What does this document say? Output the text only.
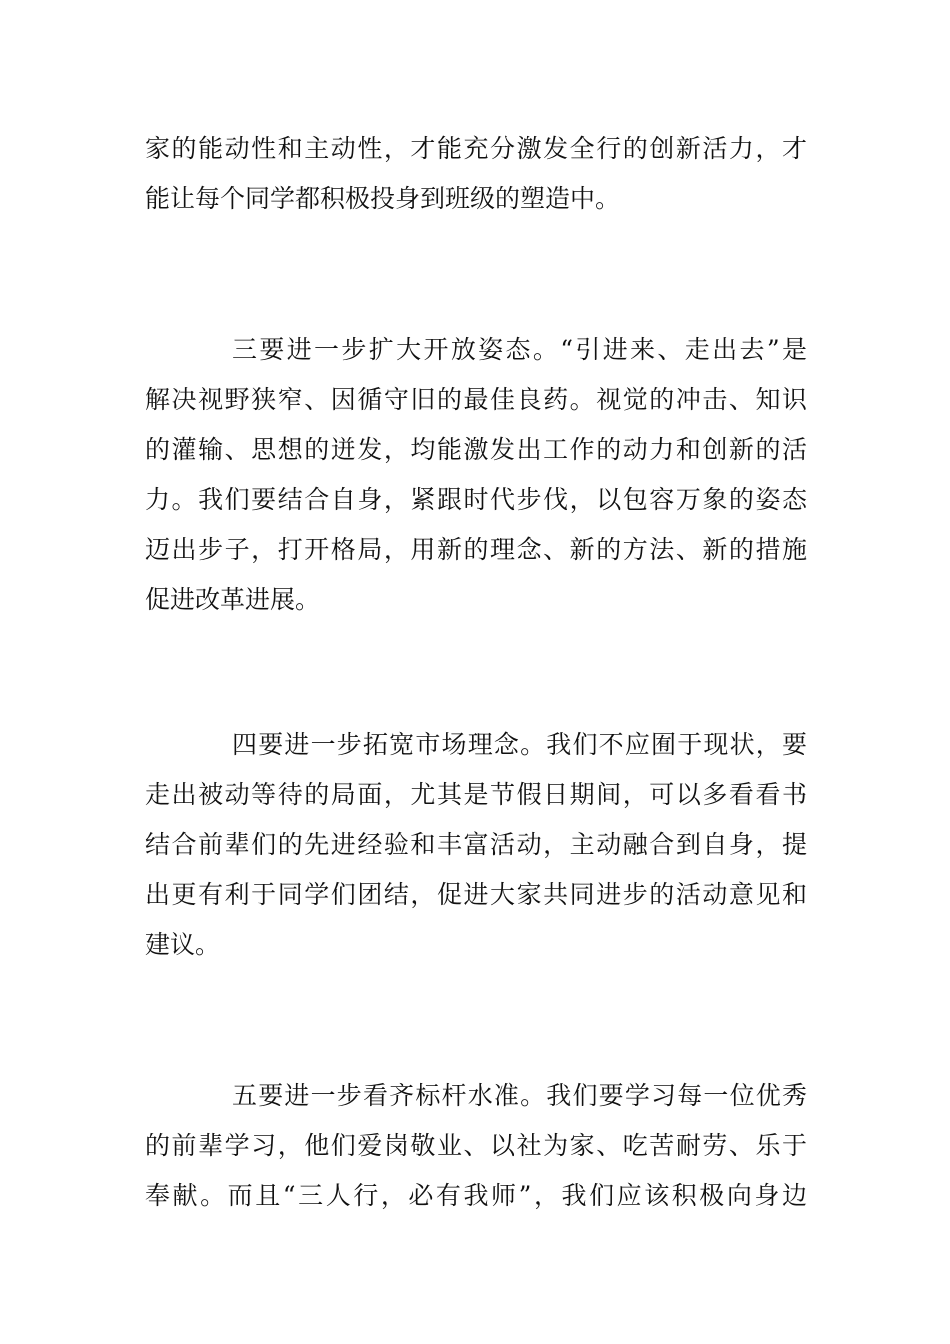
家的能动性和主动性，才能充分激发全行的创新活力，才
能让每个同学都积极投身到班级的塑造中。
三要进一步扩大开放姿态。“引进来、走出去”是
解决视野狭窄、因循守旧的最佳良药。视觉的冲击、知识
的灌输、思想的迸发，均能激发出工作的动力和创新的活
力。我们要结合自身，紧跟时代步伐，以包容万象的姿态
迈出步子，打开格局，用新的理念、新的方法、新的措施
促进改革进展。
四要进一步拓宽市场理念。我们不应囿于现状，要
走出被动等待的局面，尤其是节假日期间，可以多看看书
结合前辈们的先进经验和丰富活动，主动融合到自身，提
出更有利于同学们团结，促进大家共同进步的活动意见和
建议。
五要进一步看齐标杆水准。我们要学习每一位优秀
的前辈学习，他们爱岗敬业、以社为家、吃苦耐劳、乐于
奉献。而且“三人行，必有我师”，我们应该积极向身边
